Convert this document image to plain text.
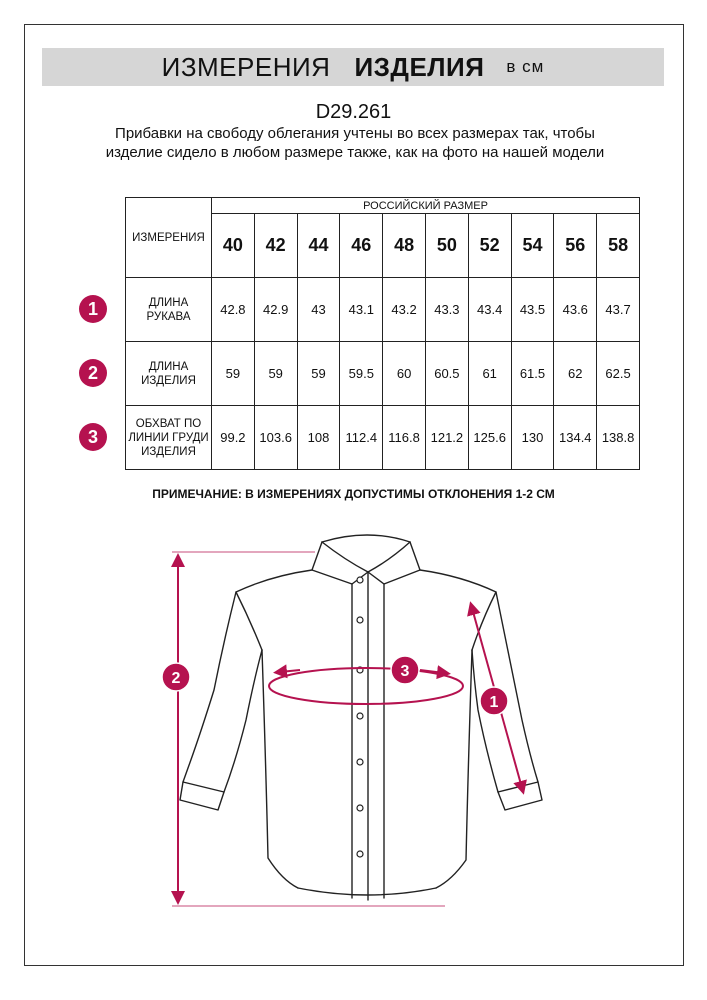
ИЗМЕРЕНИЯ ИЗДЕЛИЯ в см
D29.261
Прибавки на свободу облегания учтены во всех размерах так, чтобы изделие сидело в любом размере также, как на фото на нашей модели
ИЗМЕРЕНИЯ	РОССИЙСКИЙ РАЗМЕР									
	40	42	44	46	48	50	52	54	56	58
ДЛИНА РУКАВА	42.8	42.9	43	43.1	43.2	43.3	43.4	43.5	43.6	43.7
ДЛИНА ИЗДЕЛИЯ	59	59	59	59.5	60	60.5	61	61.5	62	62.5
ОБХВАТ ПО ЛИНИИ ГРУДИ ИЗДЕЛИЯ	99.2	103.6	108	112.4	116.8	121.2	125.6	130	134.4	138.8
1
2
3
ПРИМЕЧАНИЕ: В ИЗМЕРЕНИЯХ ДОПУСТИМЫ ОТКЛОНЕНИЯ 1-2 СМ
2	3
1
